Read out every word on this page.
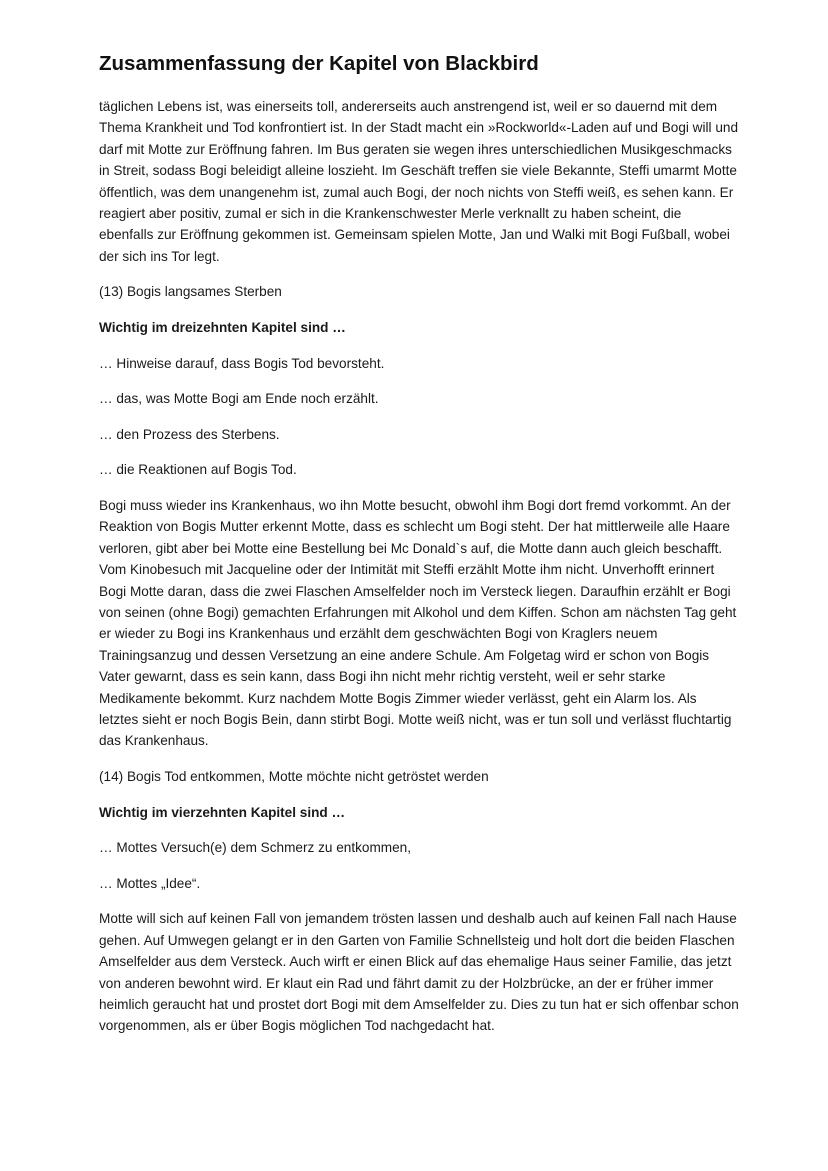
Zusammenfassung der Kapitel von Blackbird

täglichen Lebens ist, was einerseits toll, andererseits auch anstrengend ist, weil er so dauernd mit dem Thema Krankheit und Tod konfrontiert ist. In der Stadt macht ein »Rockworld«-Laden auf und Bogi will und darf mit Motte zur Eröffnung fahren. Im Bus geraten sie wegen ihres unterschiedlichen Musikgeschmacks in Streit, sodass Bogi beleidigt alleine loszieht. Im Geschäft treffen sie viele Bekannte, Steffi umarmt Motte öffentlich, was dem unangenehm ist, zumal auch Bogi, der noch nichts von Steffi weiß, es sehen kann. Er reagiert aber positiv, zumal er sich in die Krankenschwester Merle verknallt zu haben scheint, die ebenfalls zur Eröffnung gekommen ist. Gemeinsam spielen Motte, Jan und Walki mit Bogi Fußball, wobei der sich ins Tor legt.

(13) Bogis langsames Sterben

Wichtig im dreizehnten Kapitel sind …

… Hinweise darauf, dass Bogis Tod bevorsteht.

… das, was Motte Bogi am Ende noch erzählt.

… den Prozess des Sterbens.

… die Reaktionen auf Bogis Tod.

Bogi muss wieder ins Krankenhaus, wo ihn Motte besucht, obwohl ihm Bogi dort fremd vorkommt. An der Reaktion von Bogis Mutter erkennt Motte, dass es schlecht um Bogi steht. Der hat mittlerweile alle Haare verloren, gibt aber bei Motte eine Bestellung bei Mc Donald`s auf, die Motte dann auch gleich beschafft. Vom Kinobesuch mit Jacqueline oder der Intimität mit Steffi erzählt Motte ihm nicht. Unverhofft erinnert Bogi Motte daran, dass die zwei Flaschen Amselfelder noch im Versteck liegen. Daraufhin erzählt er Bogi von seinen (ohne Bogi) gemachten Erfahrungen mit Alkohol und dem Kiffen. Schon am nächsten Tag geht er wieder zu Bogi ins Krankenhaus und erzählt dem geschwächten Bogi von Kraglers neuem Trainingsanzug und dessen Versetzung an eine andere Schule. Am Folgetag wird er schon von Bogis Vater gewarnt, dass es sein kann, dass Bogi ihn nicht mehr richtig versteht, weil er sehr starke Medikamente bekommt. Kurz nachdem Motte Bogis Zimmer wieder verlässt, geht ein Alarm los. Als letztes sieht er noch Bogis Bein, dann stirbt Bogi. Motte weiß nicht, was er tun soll und verlässt fluchtartig das Krankenhaus.

(14) Bogis Tod entkommen, Motte möchte nicht getröstet werden

Wichtig im vierzehnten Kapitel sind …

… Mottes Versuch(e) dem Schmerz zu entkommen,

… Mottes „Idee“.

Motte will sich auf keinen Fall von jemandem trösten lassen und deshalb auch auf keinen Fall nach Hause gehen. Auf Umwegen gelangt er in den Garten von Familie Schnellsteig und holt dort die beiden Flaschen Amselfelder aus dem Versteck. Auch wirft er einen Blick auf das ehemalige Haus seiner Familie, das jetzt von anderen bewohnt wird. Er klaut ein Rad und fährt damit zu der Holzbrücke, an der er früher immer heimlich geraucht hat und prostet dort Bogi mit dem Amselfelder zu. Dies zu tun hat er sich offenbar schon vorgenommen, als er über Bogis möglichen Tod nachgedacht hat.
